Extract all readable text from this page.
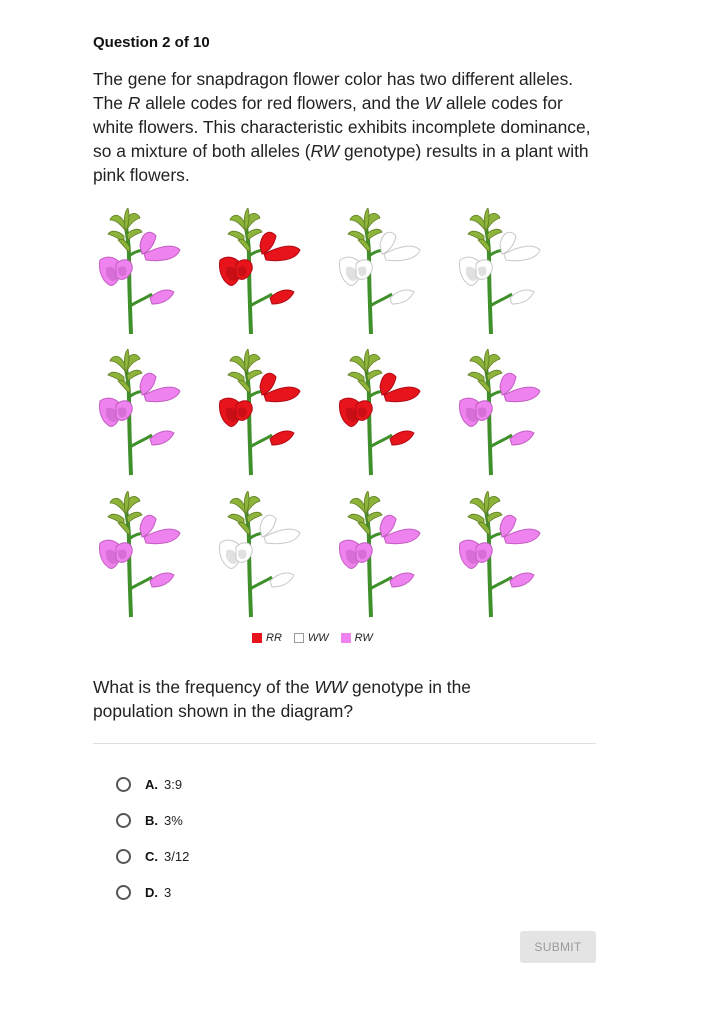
Question 2 of 10
The gene for snapdragon flower color has two different alleles. The R allele codes for red flowers, and the W allele codes for white flowers. This characteristic exhibits incomplete dominance, so a mixture of both alleles (RW genotype) results in a plant with pink flowers.
RR WW RW
What is the frequency of the WW genotype in the population shown in the diagram?
A. 3:9
B. 3%
C. 3/12
D. 3
SUBMIT
